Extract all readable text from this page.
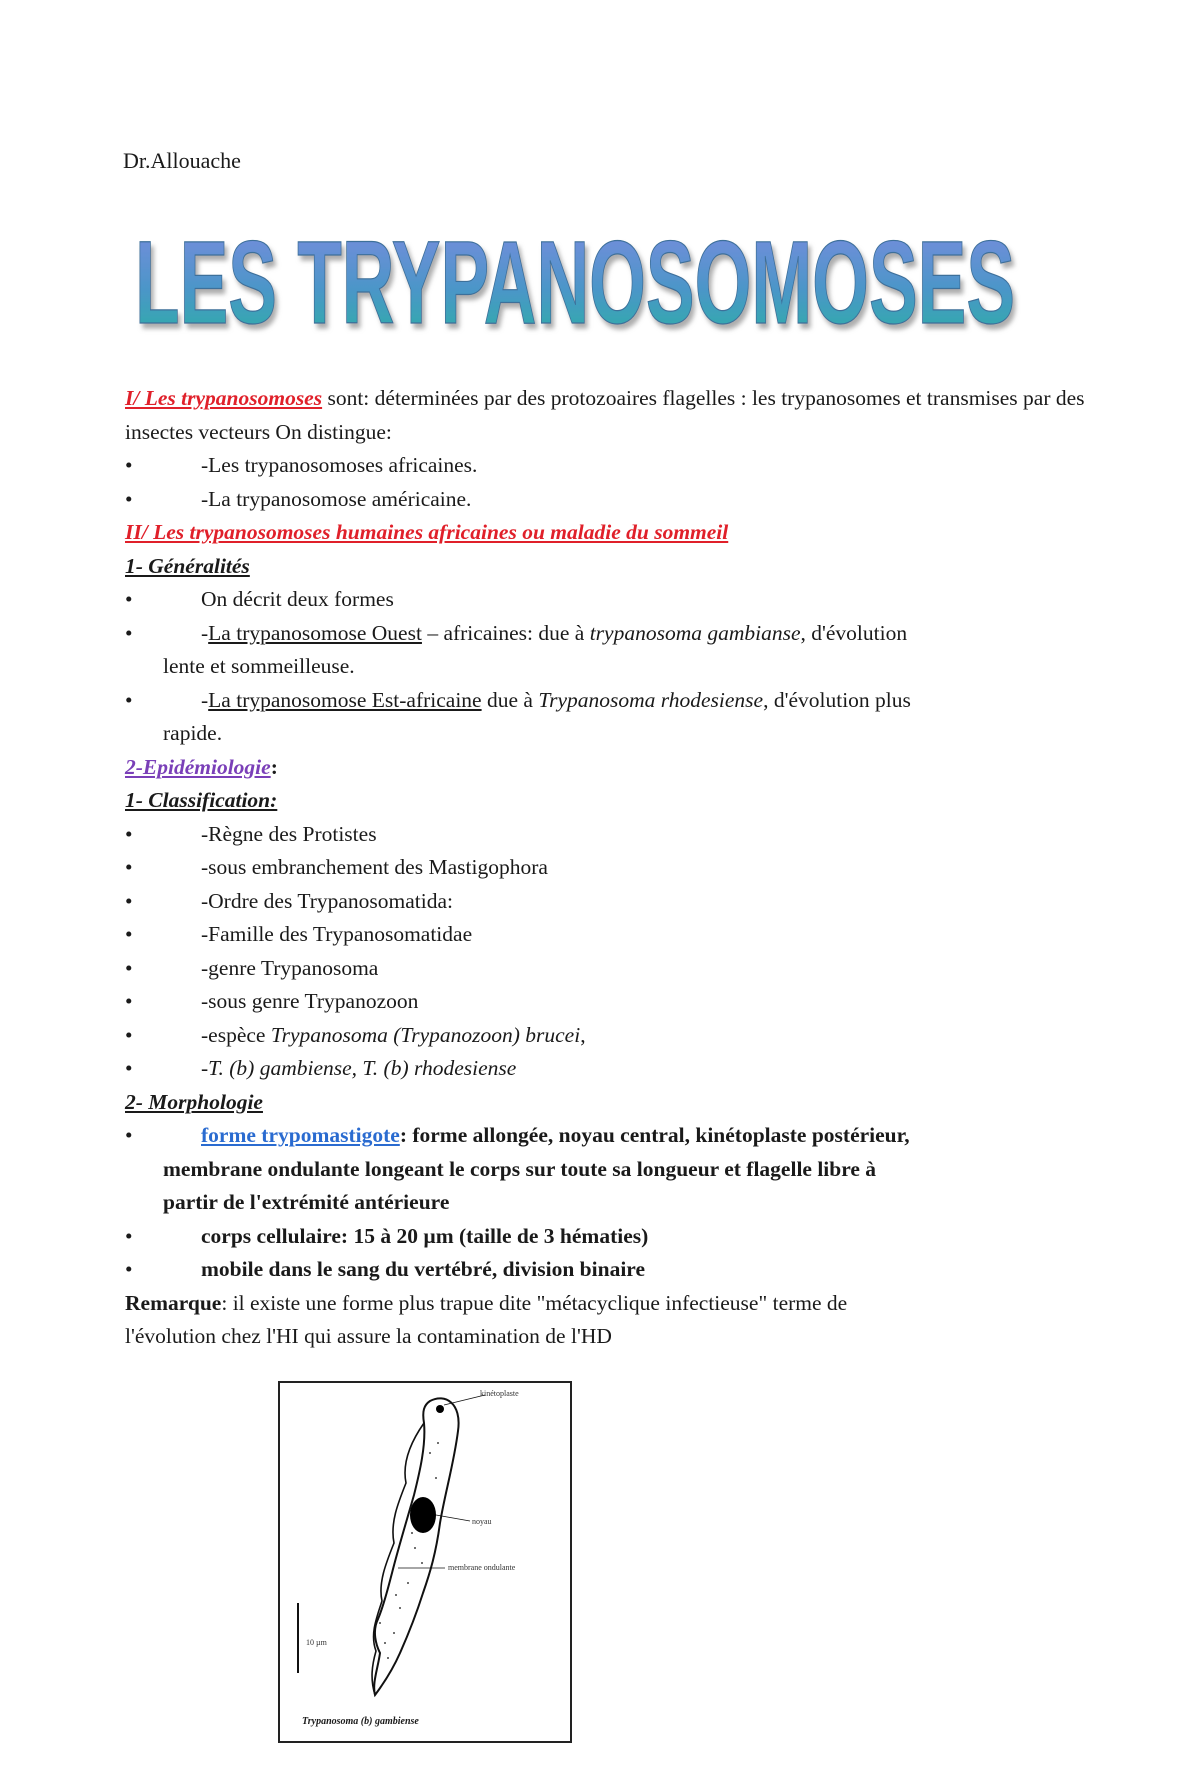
Dr.Allouache
LES TRYPANOSOMOSES

I/ Les trypanosomoses sont: déterminées par des protozoaires flagelles : les trypanosomes et transmises par des insectes vecteurs On distingue:

•	-Les trypanosomoses africaines.

•	-La trypanosomose américaine.

II/ Les trypanosomoses humaines africaines ou maladie du sommeil

1- Généralités

•	On décrit deux formes

•	-La trypanosomose Ouest – africaines: due à trypanosoma gambianse, d'évolution
lente et sommeilleuse.

•	-La trypanosomose Est-africaine due à Trypanosoma rhodesiense, d'évolution plus
rapide.

2-Epidémiologie:

1- Classification:

•	-Règne des Protistes

•	-sous embranchement des Mastigophora

•	-Ordre des Trypanosomatida:

•	-Famille des Trypanosomatidae

•	-genre Trypanosoma

•	-sous genre Trypanozoon

•	-espèce Trypanosoma (Trypanozoon) brucei,

•	-T. (b) gambiense, T. (b) rhodesiense

2- Morphologie

•	forme trypomastigote: forme allongée, noyau central, kinétoplaste postérieur,
membrane ondulante longeant le corps sur toute sa longueur et flagelle libre à
partir de l'extrémité antérieure

•	corps cellulaire: 15 à 20 µm (taille de 3 hématies)

•	mobile dans le sang du vertébré, division binaire

Remarque: il existe une forme plus trapue dite "métacyclique infectieuse" terme de
l'évolution chez l'HI qui assure la contamination de l'HD

kinétoplaste
noyau
membrane ondulante
10 µm
Trypanosoma (b) gambiense
